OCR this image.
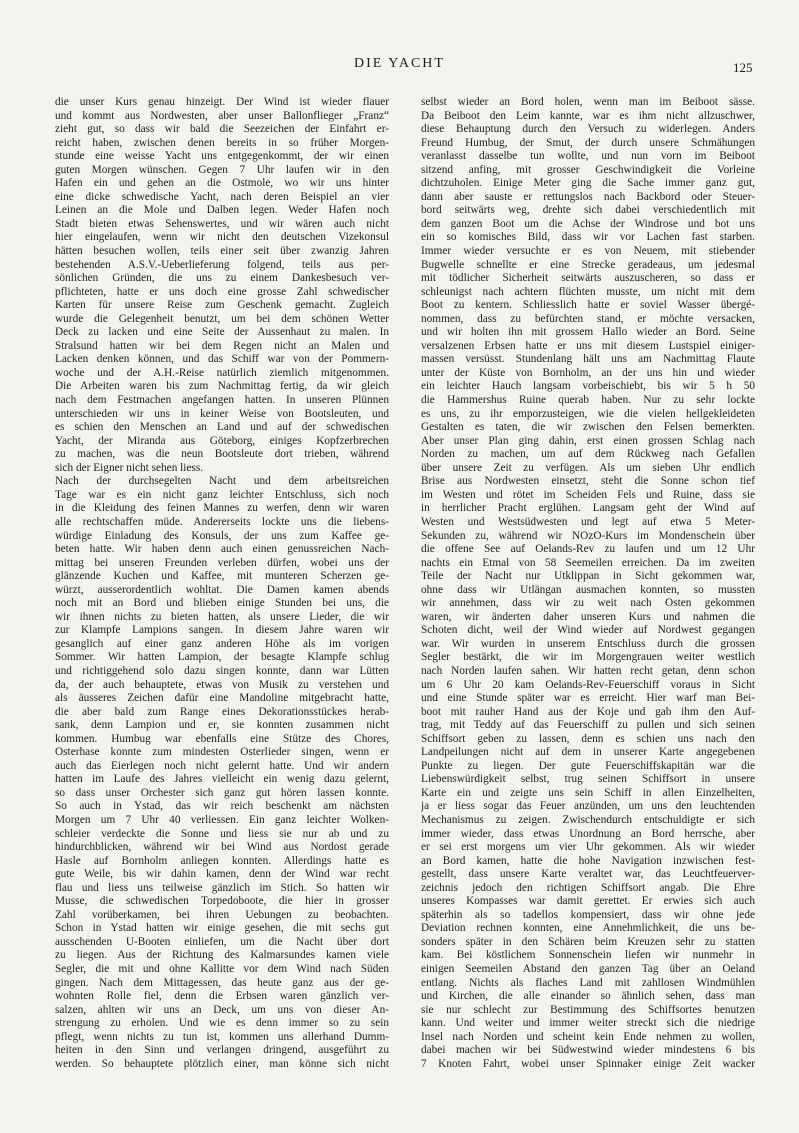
DIE YACHT	125
die unser Kurs genau hinzeigt. Der Wind ist wieder flauer
und kommt aus Nordwesten, aber unser Ballonflieger „Franz“
zieht gut, so dass wir bald die Seezeichen der Einfahrt er-
reicht haben, zwischen denen bereits in so früher Morgen-
stunde eine weisse Yacht uns entgegenkommt, der wir einen
guten Morgen wünschen. Gegen 7 Uhr laufen wir in den
Hafen ein und gehen an die Ostmole, wo wir uns hinter
eine dicke schwedische Yacht, nach deren Beispiel an vier
Leinen an die Mole und Dalben legen. Weder Hafen noch
Stadt bieten etwas Sehenswertes, und wir wären auch nicht
hier eingelaufen, wenn wir nicht den deutschen Vizekonsul
hätten besuchen wollen, teils einer seit über zwanzig Jahren
bestehenden A.S.V.-Ueberlieferung folgend, teils aus per-
sönlichen Gründen, die uns zu einem Dankesbesuch ver-
pflichteten, hatte er uns doch eine grosse Zahl schwedischer
Karten für unsere Reise zum Geschenk gemacht. Zugleich
wurde die Gelegenheit benutzt, um bei dem schönen Wetter
Deck zu lacken und eine Seite der Aussenhaut zu malen. In
Stralsund hatten wir bei dem Regen nicht an Malen und
Lacken denken können, und das Schiff war von der Pommern-
woche und der A.H.-Reise natürlich ziemlich mitgenommen.
Die Arbeiten waren bis zum Nachmittag fertig, da wir gleich
nach dem Festmachen angefangen hatten. In unseren Plünnen
unterschieden wir uns in keiner Weise von Bootsleuten, und
es schien den Menschen an Land und auf der schwedischen
Yacht, der Miranda aus Göteborg, einiges Kopfzerbrechen
zu machen, was die neun Bootsleute dort trieben, während
sich der Eigner nicht sehen liess.
Nach der durchsegelten Nacht und dem arbeitsreichen
Tage war es ein nicht ganz leichter Entschluss, sich noch
in die Kleidung des feinen Mannes zu werfen, denn wir waren
alle rechtschaffen müde. Andererseits lockte uns die liebens-
würdige Einladung des Konsuls, der uns zum Kaffee ge-
beten hatte. Wir haben denn auch einen genussreichen Nach-
mittag bei unseren Freunden verleben dürfen, wobei uns der
glänzende Kuchen und Kaffee, mit munteren Scherzen ge-
würzt, ausserordentlich wohltat. Die Damen kamen abends
noch mit an Bord und blieben einige Stunden bei uns, die
wir ihnen nichts zu bieten hatten, als unsere Lieder, die wir
zur Klampfe Lampions sangen. In diesem Jahre waren wir
gesanglich auf einer ganz anderen Höhe als im vorigen
Sommer. Wir hatten Lampion, der besagte Klampfe schlug
und richtiggehend solo dazu singen konnte, dann war Lütten
da, der auch behauptete, etwas von Musik zu verstehen und
als äusseres Zeichen dafür eine Mandoline mitgebracht hatte,
die aber bald zum Range eines Dekorationsstückes herab-
sank, denn Lampion und er, sie konnten zusammen nicht
kommen. Humbug war ebenfalls eine Stütze des Chores,
Osterhase konnte zum mindesten Osterlieder singen, wenn er
auch das Eierlegen noch nicht gelernt hatte. Und wir andern
hatten im Laufe des Jahres vielleicht ein wenig dazu gelernt,
so dass unser Orchester sich ganz gut hören lassen konnte.
So auch in Ystad, das wir reich beschenkt am nächsten
Morgen um 7 Uhr 40 verliessen. Ein ganz leichter Wolken-
schleier verdeckte die Sonne und liess sie nur ab und zu
hindurchblicken, während wir bei Wind aus Nordost gerade
Hasle auf Bornholm anliegen konnten. Allerdings hatte es
gute Weile, bis wir dahin kamen, denn der Wind war recht
flau und liess uns teilweise gänzlich im Stich. So hatten wir
Musse, die schwedischen Torpedoboote, die hier in grosser
Zahl vorüberkamen, bei ihren Uebungen zu beobachten.
Schon in Ystad hatten wir einige gesehen, die mit sechs gut
ausschenden U-Booten einliefen, um die Nacht über dort
zu liegen. Aus der Richtung des Kalmarsundes kamen viele
Segler, die mit und ohne Kallitte vor dem Wind nach Süden
gingen. Nach dem Mittagessen, das heute ganz aus der ge-
wohnten Rolle fiel, denn die Erbsen waren gänzlich ver-
salzen, ahlten wir uns an Deck, um uns von dieser An-
strengung zu erholen. Und wie es denn immer so zu sein
pflegt, wenn nichts zu tun ist, kommen uns allerhand Dumm-
heiten in den Sinn und verlangen dringend, ausgeführt zu
werden. So behauptete plötzlich einer, man könne sich nicht
selbst wieder an Bord holen, wenn man im Beiboot sässe.
Da Beiboot den Leim kannte, war es ihm nicht allzuschwer,
diese Behauptung durch den Versuch zu widerlegen. Anders
Freund Humbug, der Smut, der durch unsere Schmähungen
veranlasst dasselbe tun wollte, und nun vorn im Beiboot
sitzend anfing, mit grosser Geschwindigkeit die Vorleine
dichtzuholen. Einige Meter ging die Sache immer ganz gut,
dann aber sauste er rettungslos nach Backbord oder Steuer-
bord seitwärts weg, drehte sich dabei verschiedentlich mit
dem ganzen Boot um die Achse der Windrose und bot uns
ein so komisches Bild, dass wir vor Lachen fast starben.
Immer wieder versuchte er es von Neuem, mit stiebender
Bugwelle schnellte er eine Strecke geradeaus, um jedesmal
mit tödlicher Sicherheit seitwärts auszuscheren, so dass er
schleunigst nach achtern flüchten musste, um nicht mit dem
Boot zu kentern. Schliesslich hatte er soviel Wasser übergé-
nommen, dass zu befürchten stand, er möchte versacken,
und wir holten ihn mit grossem Hallo wieder an Bord. Seine
versalzenen Erbsen hatte er uns mit diesem Lustspiel einiger-
massen versüsst. Stundenlang hält uns am Nachmittag Flaute
unter der Küste von Bornholm, an der uns hin und wieder
ein leichter Hauch langsam vorbeischiebt, bis wir 5 h 50
die Hammershus Ruine querab haben. Nur zu sehr lockte
es uns, zu ihr emporzusteigen, wie die vielen hellgekleideten
Gestalten es taten, die wir zwischen den Felsen bemerkten.
Aber unser Plan ging dahin, erst einen grossen Schlag nach
Norden zu machen, um auf dem Rückweg nach Gefallen
über unsere Zeit zu verfügen. Als um sieben Uhr endlich
Brise aus Nordwesten einsetzt, steht die Sonne schon tief
im Westen und rötet im Scheiden Fels und Ruine, dass sie
in herrlicher Pracht erglühen. Langsam geht der Wind auf
Westen und Westsüdwesten und legt auf etwa 5 Meter-
Sekunden zu, während wir NOzO-Kurs im Mondenschein über
die offene See auf Oelands-Rev zu laufen und um 12 Uhr
nachts ein Etmal von 58 Seemeilen erreichen. Da im zweiten
Teile der Nacht nur Utklippan in Sicht gekommen war,
ohne dass wir Utlängan ausmachen konnten, so mussten
wir annehmen, dass wir zu weit nach Osten gekommen
waren, wir änderten daher unseren Kurs und nahmen die
Schoten dicht, weil der Wind wieder auf Nordwest gegangen
war. Wir wurden in unserem Entschluss durch die grossen
Segler bestärkt, die wir im Morgengrauen weiter westlich
nach Norden laufen sahen. Wir hatten recht getan, denn schon
um 6 Uhr 20 kam Oelands-Rev-Feuerschiff voraus in Sicht
und eine Stunde später war es erreicht. Hier warf man Bei-
boot mit rauher Hand aus der Koje und gab ihm den Auf-
trag, mit Teddy auf das Feuerschiff zu pullen und sich seinen
Schiffsort geben zu lassen, denn es schien uns nach den
Landpeilungen nicht auf dem in unserer Karte angegebenen
Punkte zu liegen. Der gute Feuerschiffskapitän war die
Liebenswürdigkeit selbst, trug seinen Schiffsort in unsere
Karte ein und zeigte uns sein Schiff in allen Einzelheiten,
ja er liess sogar das Feuer anzünden, um uns den leuchtenden
Mechanismus zu zeigen. Zwischendurch entschuldigte er sich
immer wieder, dass etwas Unordnung an Bord herrsche, aber
er sei erst morgens um vier Uhr gekommen. Als wir wieder
an Bord kamen, hatte die hohe Navigation inzwischen fest-
gestellt, dass unsere Karte veraltet war, das Leuchtfeuerver-
zeichnis jedoch den richtigen Schiffsort angab. Die Ehre
unseres Kompasses war damit gerettet. Er erwies sich auch
späterhin als so tadellos kompensiert, dass wir ohne jede
Deviation rechnen konnten, eine Annehmlichkeit, die uns be-
sonders später in den Schären beim Kreuzen sehr zu statten
kam. Bei köstlichem Sonnenschein liefen wir nunmehr in
einigen Seemeilen Abstand den ganzen Tag über an Oeland
entlang. Nichts als flaches Land mit zahllosen Windmühlen
und Kirchen, die alle einander so ähnlich sehen, dass man
sie nur schlecht zur Bestimmung des Schiffsortes benutzen
kann. Und weiter und immer weiter streckt sich die niedrige
Insel nach Norden und scheint kein Ende nehmen zu wollen,
dabei machen wir bei Südwestwind wieder mindestens 6 bis
7 Knoten Fahrt, wobei unser Spinnaker einige Zeit wacker
